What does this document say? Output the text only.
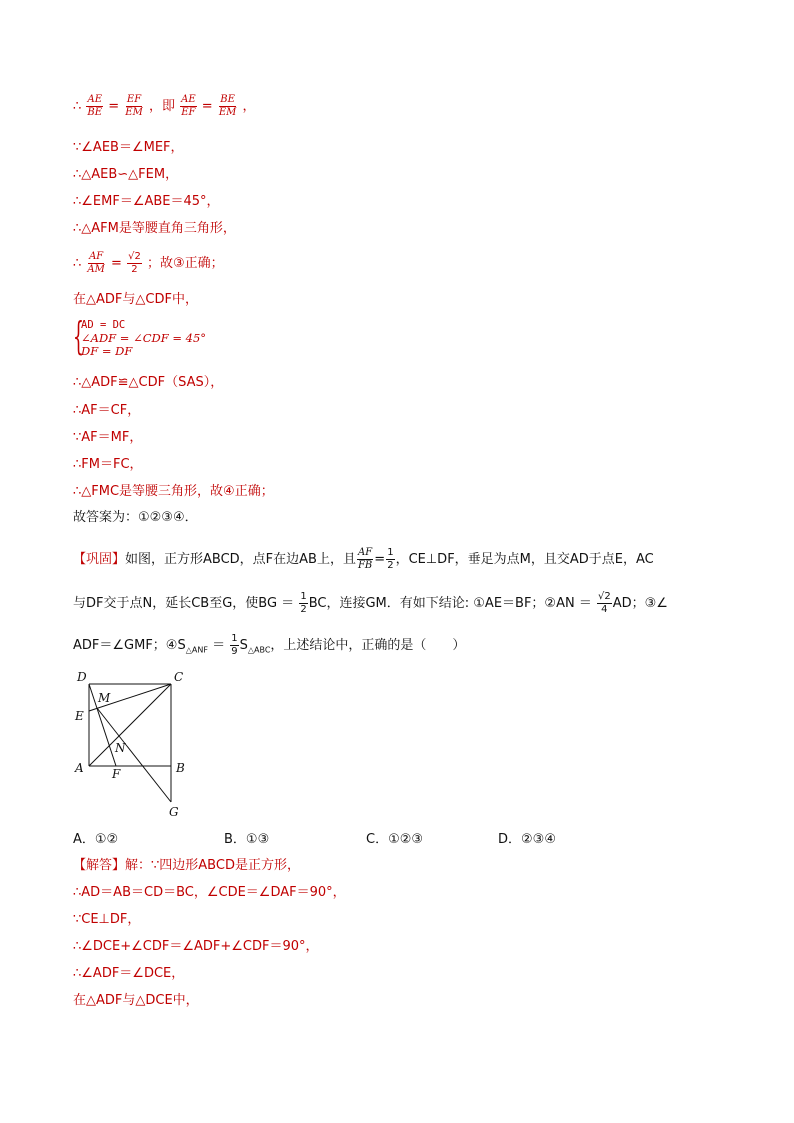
∴ $\frac{AE}{BE} = \frac{EF}{EM}$ ，即 $\frac{AE}{EF} = \frac{BE}{EM}$ ，
∵∠AEB＝∠MEF，
∴△AEB∽△FEM，
∴∠EMF＝∠ABE＝45°，
∴△AFM是等腰直角三角形，
∴ $\frac{AF}{AM} = \frac{√2}{2}$ ；故③正确；
在△ADF与△CDF中，
{
AD = DC
∠ADF = ∠CDF = 45°
DF = DF
∴△ADF≌△CDF（SAS），
∴AF＝CF，
∵AF＝MF，
∴FM＝FC，
∴△FMC是等腰三角形，故④正确；
故答案为：①②③④．
【巩固】如图，正方形ABCD，点F在边AB上，且 $\frac{AF}{FB} = \frac{1}{2}$ ，CE⊥DF，垂足为点M，且交AD于点E，AC
与DF交于点N，延长CB至G，使BG ＝ $\frac{1}{2}$ BC，连接GM．有如下结论: ①AE＝BF；②AN ＝ $\frac{√2}{4}$ AD；③∠
ADF＝∠GMF；$④S_{\triangle ANF} = \frac{1}{9} S_{\triangle ABC}$，上述结论中，正确的是（　　）
D	C
M
E
N
A F	B
G
A．①②	B．①③	C．①②③	D．②③④
【解答】解：∵四边形ABCD是正方形，
∴AD＝AB＝CD＝BC，∠CDE＝∠DAF＝90°，
∵CE⊥DF，
∴∠DCE+∠CDF＝∠ADF+∠CDF＝90°，
∴∠ADF＝∠DCE，
在△ADF与△DCE中，
